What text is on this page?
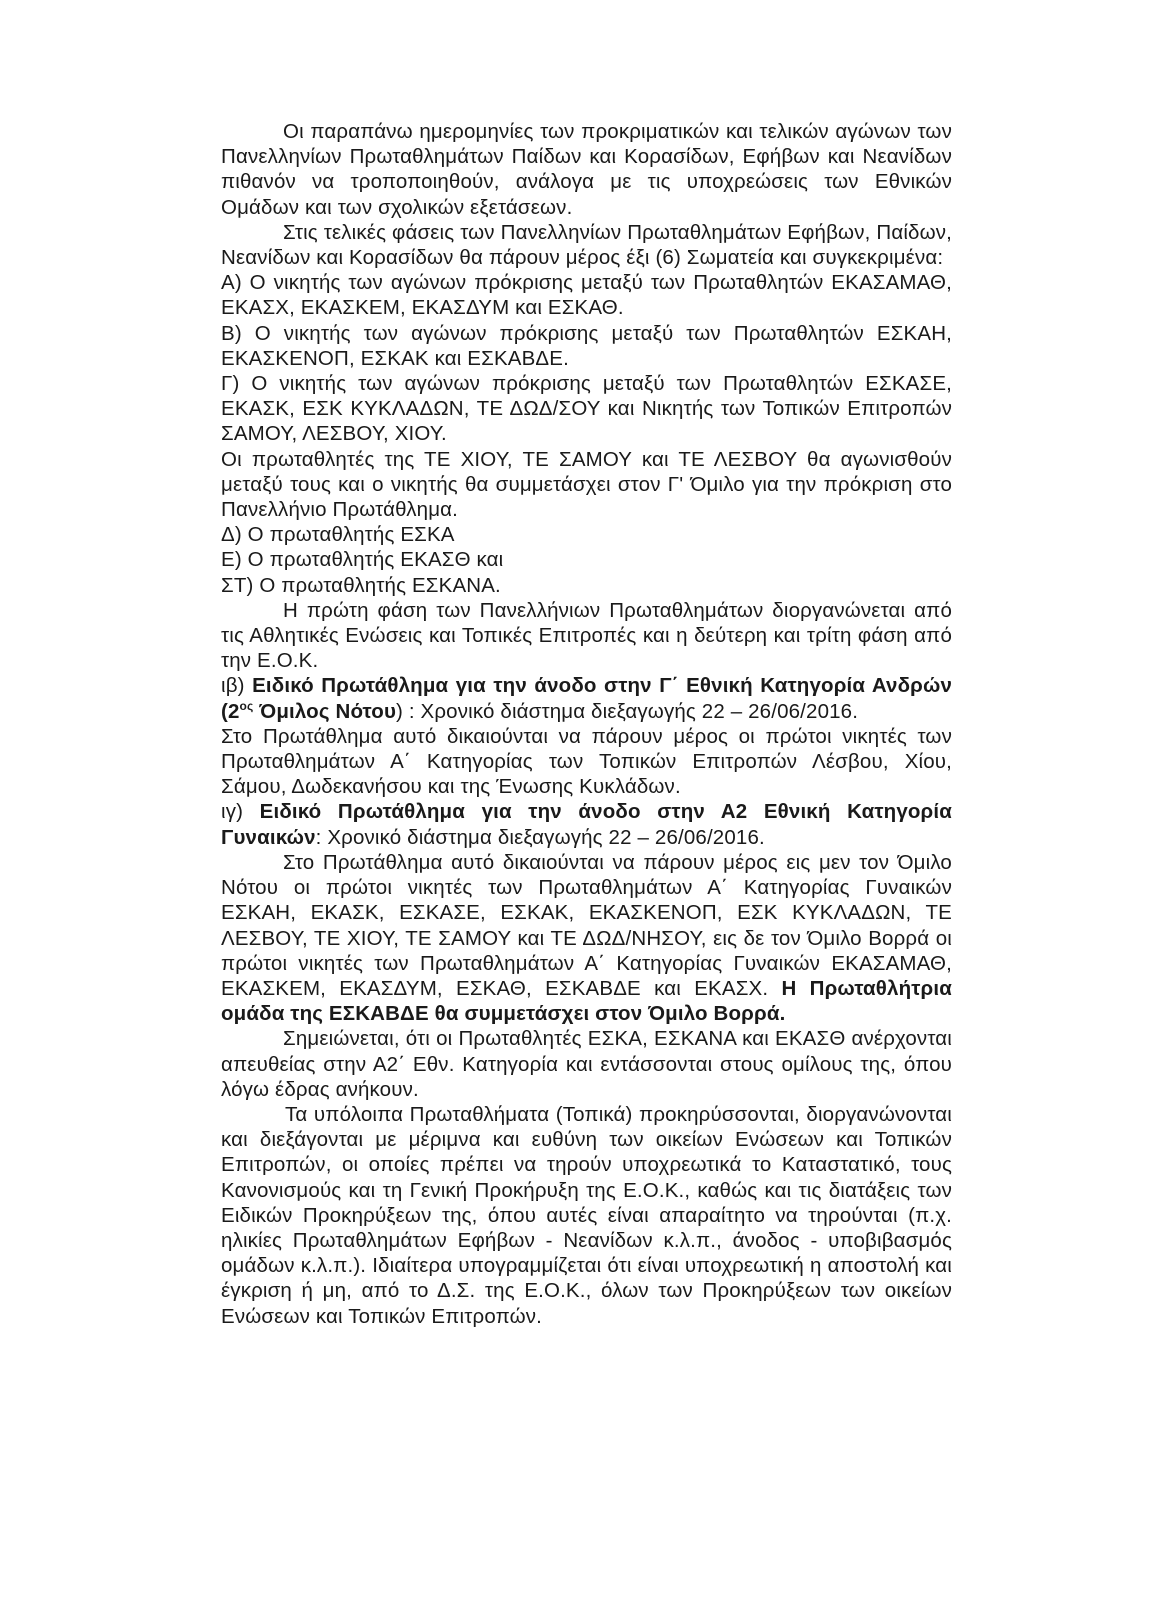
Οι παραπάνω ημερομηνίες των προκριματικών και τελικών αγώνων των Πανελληνίων Πρωταθλημάτων Παίδων και Κορασίδων, Εφήβων και Νεανίδων πιθανόν να τροποποιηθούν, ανάλογα με τις υποχρεώσεις των Εθνικών Ομάδων και των σχολικών εξετάσεων.

Στις τελικές φάσεις των Πανελληνίων Πρωταθλημάτων Εφήβων, Παίδων, Νεανίδων και Κορασίδων θα πάρουν μέρος έξι (6) Σωματεία και συγκεκριμένα:

Α) Ο νικητής των αγώνων πρόκρισης μεταξύ των Πρωταθλητών ΕΚΑΣΑΜΑΘ, ΕΚΑΣΧ, ΕΚΑΣΚΕΜ, ΕΚΑΣΔΥΜ και ΕΣΚΑΘ.

Β) Ο νικητής των αγώνων πρόκρισης μεταξύ των Πρωταθλητών ΕΣΚΑΗ, ΕΚΑΣΚΕΝΟΠ, ΕΣΚΑΚ και ΕΣΚΑΒΔΕ.

Γ) Ο νικητής των αγώνων πρόκρισης μεταξύ των Πρωταθλητών ΕΣΚΑΣΕ, ΕΚΑΣΚ, ΕΣΚ ΚΥΚΛΑΔΩΝ, ΤΕ ΔΩΔ/ΣΟΥ και Νικητής των Τοπικών Επιτροπών ΣΑΜΟΥ, ΛΕΣΒΟΥ, ΧΙΟΥ.

Οι πρωταθλητές της ΤΕ ΧΙΟΥ, ΤΕ ΣΑΜΟΥ και ΤΕ ΛΕΣΒΟΥ θα αγωνισθούν μεταξύ τους και ο νικητής θα συμμετάσχει στον Γ' Όμιλο για την πρόκριση στο Πανελλήνιο Πρωτάθλημα.

Δ) Ο πρωταθλητής ΕΣΚΑ

Ε) Ο πρωταθλητής ΕΚΑΣΘ και

ΣΤ) Ο πρωταθλητής ΕΣΚΑΝΑ.

Η πρώτη φάση των Πανελλήνιων Πρωταθλημάτων διοργανώνεται από τις Αθλητικές Ενώσεις και Τοπικές Επιτροπές και η δεύτερη και τρίτη φάση από την Ε.Ο.Κ.

ιβ) Ειδικό Πρωτάθλημα για την άνοδο στην Γ΄ Εθνική Κατηγορία Ανδρών ($2^{o\varsigma}$ Όμιλος Νότου) : Χρονικό διάστημα διεξαγωγής 22 – 26/06/2016.

Στο Πρωτάθλημα αυτό δικαιούνται να πάρουν μέρος οι πρώτοι νικητές των Πρωταθλημάτων Α΄ Κατηγορίας των Τοπικών Επιτροπών Λέσβου, Χίου, Σάμου, Δωδεκανήσου και της Ένωσης Κυκλάδων.

ιγ) Ειδικό Πρωτάθλημα για την άνοδο στην Α2 Εθνική Κατηγορία Γυναικών: Χρονικό διάστημα διεξαγωγής 22 – 26/06/2016.

Στο Πρωτάθλημα αυτό δικαιούνται να πάρουν μέρος εις μεν τον Όμιλο Νότου οι πρώτοι νικητές των Πρωταθλημάτων Α΄ Κατηγορίας Γυναικών ΕΣΚΑΗ, ΕΚΑΣΚ, ΕΣΚΑΣΕ, ΕΣΚΑΚ, ΕΚΑΣΚΕΝΟΠ, ΕΣΚ ΚΥΚΛΑΔΩΝ, ΤΕ ΛΕΣΒΟΥ, ΤΕ ΧΙΟΥ, ΤΕ ΣΑΜΟΥ και ΤΕ ΔΩΔ/ΝΗΣΟΥ, εις δε τον Όμιλο Βορρά οι πρώτοι νικητές των Πρωταθλημάτων Α΄ Κατηγορίας Γυναικών ΕΚΑΣΑΜΑΘ, ΕΚΑΣΚΕΜ, ΕΚΑΣΔΥΜ, ΕΣΚΑΘ, ΕΣΚΑΒΔΕ και ΕΚΑΣΧ. Η Πρωταθλήτρια ομάδα της ΕΣΚΑΒΔΕ θα συμμετάσχει στον Όμιλο Βορρά.

Σημειώνεται, ότι οι Πρωταθλητές ΕΣΚΑ, ΕΣΚΑΝΑ και ΕΚΑΣΘ ανέρχονται απευθείας στην Α2΄ Εθν. Κατηγορία και εντάσσονται στους ομίλους της, όπου λόγω έδρας ανήκουν.

Τα υπόλοιπα Πρωταθλήματα (Τοπικά) προκηρύσσονται, διοργανώνονται και διεξάγονται με μέριμνα και ευθύνη των οικείων Ενώσεων και Τοπικών Επιτροπών, οι οποίες πρέπει να τηρούν υποχρεωτικά το Καταστατικό, τους Κανονισμούς και τη Γενική Προκήρυξη της Ε.Ο.Κ., καθώς και τις διατάξεις των Ειδικών Προκηρύξεων της, όπου αυτές είναι απαραίτητο να τηρούνται (π.χ. ηλικίες Πρωταθλημάτων Εφήβων - Νεανίδων κ.λ.π., άνοδος - υποβιβασμός ομάδων κ.λ.π.). Ιδιαίτερα υπογραμμίζεται ότι είναι υποχρεωτική η αποστολή και έγκριση ή μη, από το Δ.Σ. της Ε.Ο.Κ., όλων των Προκηρύξεων των οικείων Ενώσεων και Τοπικών Επιτροπών.
